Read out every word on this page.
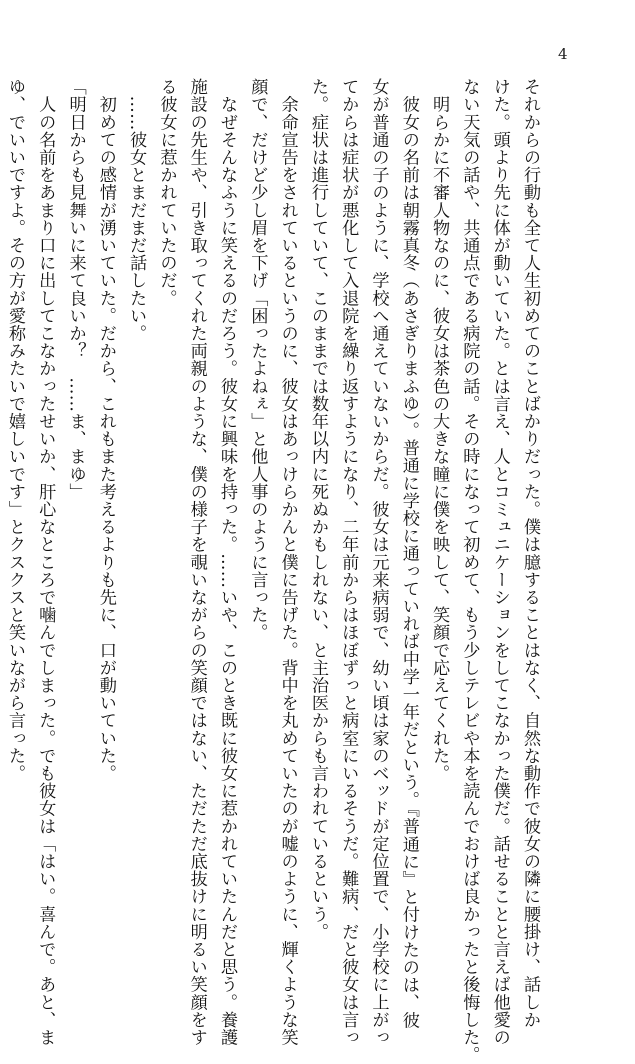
4
それからの行動も全て人生初めてのことばかりだった。僕は臆することはなく、自然な動作で彼女の隣に腰掛け、話しか
けた。頭より先に体が動いていた。とは言え、人とコミュニケーションをしてこなかった僕だ。話せることと言えば他愛の
ない天気の話や、共通点である病院の話。その時になって初めて、もう少しテレビや本を読んでおけば良かったと後悔した。
　明らかに不審人物なのに、彼女は茶色の大きな瞳に僕を映して、笑顔で応えてくれた。
　彼女の名前は朝霧真冬（あさぎりまふゆ）。普通に学校に通っていれば中学一年だという。『普通に』と付けたのは、彼
女が普通の子のように、学校へ通えていないからだ。彼女は元来病弱で、幼い頃は家のベッドが定位置で、小学校に上がっ
てからは症状が悪化して入退院を繰り返すようになり、二年前からはほぼずっと病室にいるそうだ。難病、だと彼女は言っ
た。症状は進行していて、このままでは数年以内に死ぬかもしれない、と主治医からも言われているという。
　余命宣告をされているというのに、彼女はあっけらかんと僕に告げた。背中を丸めていたのが嘘のように、輝くような笑
顔で、だけど少し眉を下げ「困ったよねぇ」と他人事のように言った。
　なぜそんなふうに笑えるのだろう。彼女に興味を持った。……いや、このとき既に彼女に惹かれていたんだと思う。養護
施設の先生や、引き取ってくれた両親のような、僕の様子を覗いながらの笑顔ではない、ただただ底抜けに明るい笑顔をす
る彼女に惹かれていたのだ。
　……彼女とまだまだ話したい。
　初めての感情が湧いていた。だから、これもまた考えるよりも先に、口が動いていた。
「明日からも見舞いに来て良いか？　……ま、まゆ」
　人の名前をあまり口に出してこなかったせいか、肝心なところで噛んでしまった。でも彼女は「はい。喜んで。あと、ま
ゆ、でいいですよ。その方が愛称みたいで嬉しいです」とクスクスと笑いながら言った。
